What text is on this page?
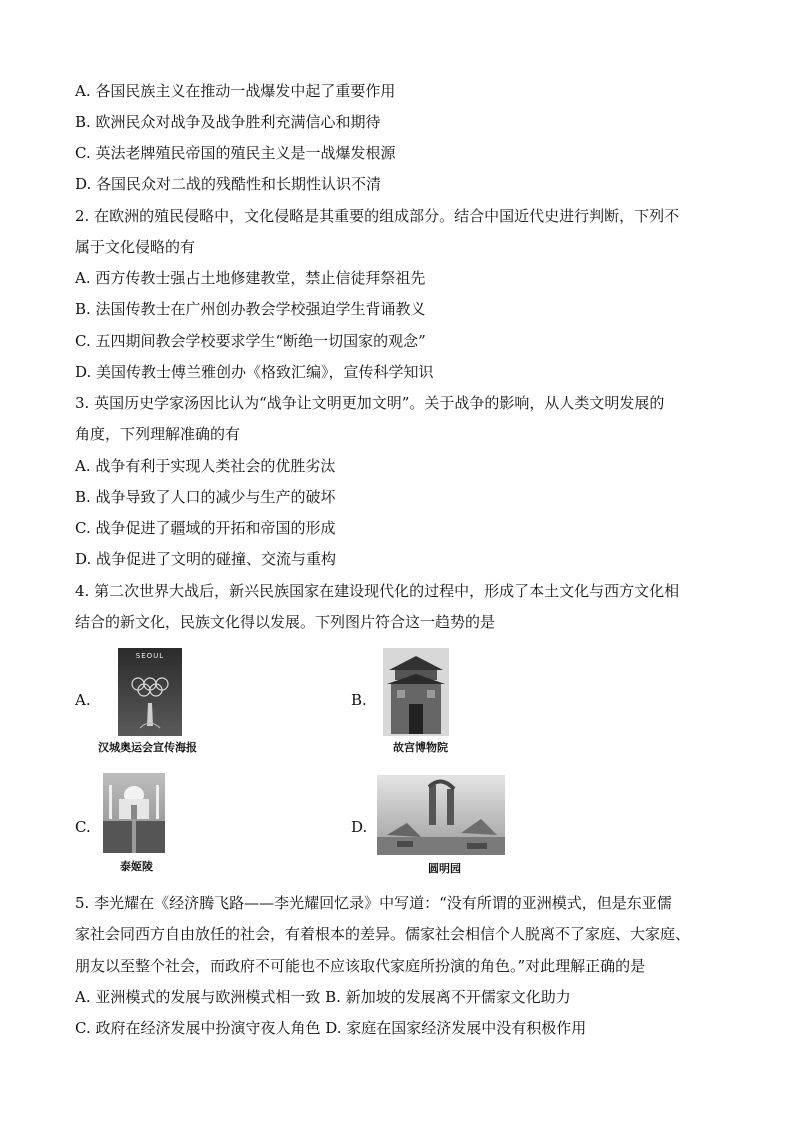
A. 各国民族主义在推动一战爆发中起了重要作用
B. 欧洲民众对战争及战争胜利充满信心和期待
C. 英法老牌殖民帝国的殖民主义是一战爆发根源
D. 各国民众对二战的残酷性和长期性认识不清
2. 在欧洲的殖民侵略中，文化侵略是其重要的组成部分。结合中国近代史进行判断，下列不
属于文化侵略的有
A. 西方传教士强占土地修建教堂，禁止信徒拜祭祖先
B. 法国传教士在广州创办教会学校强迫学生背诵教义
C. 五四期间教会学校要求学生“断绝一切国家的观念”
D. 美国传教士傅兰雅创办《格致汇编》，宣传科学知识
3. 英国历史学家汤因比认为“战争让文明更加文明”。关于战争的影响，从人类文明发展的
角度，下列理解准确的有
A. 战争有利于实现人类社会的优胜劣汰
B. 战争导致了人口的减少与生产的破坏
C. 战争促进了疆域的开拓和帝国的形成
D. 战争促进了文明的碰撞、交流与重构
4. 第二次世界大战后，新兴民族国家在建设现代化的过程中，形成了本土文化与西方文化相
结合的新文化，民族文化得以发展。下列图片符合这一趋势的是
A.
SEOUL
汉城奥运会宣传海报
B.
故宫博物院
C.
泰姬陵
D.
圆明园
5. 李光耀在《经济腾飞路——李光耀回忆录》中写道：“没有所谓的亚洲模式，但是东亚儒
家社会同西方自由放任的社会，有着根本的差异。儒家社会相信个人脱离不了家庭、大家庭、
朋友以至整个社会，而政府不可能也不应该取代家庭所扮演的角色。”对此理解正确的是
A. 亚洲模式的发展与欧洲模式相一致 B. 新加坡的发展离不开儒家文化助力
C. 政府在经济发展中扮演守夜人角色 D. 家庭在国家经济发展中没有积极作用
